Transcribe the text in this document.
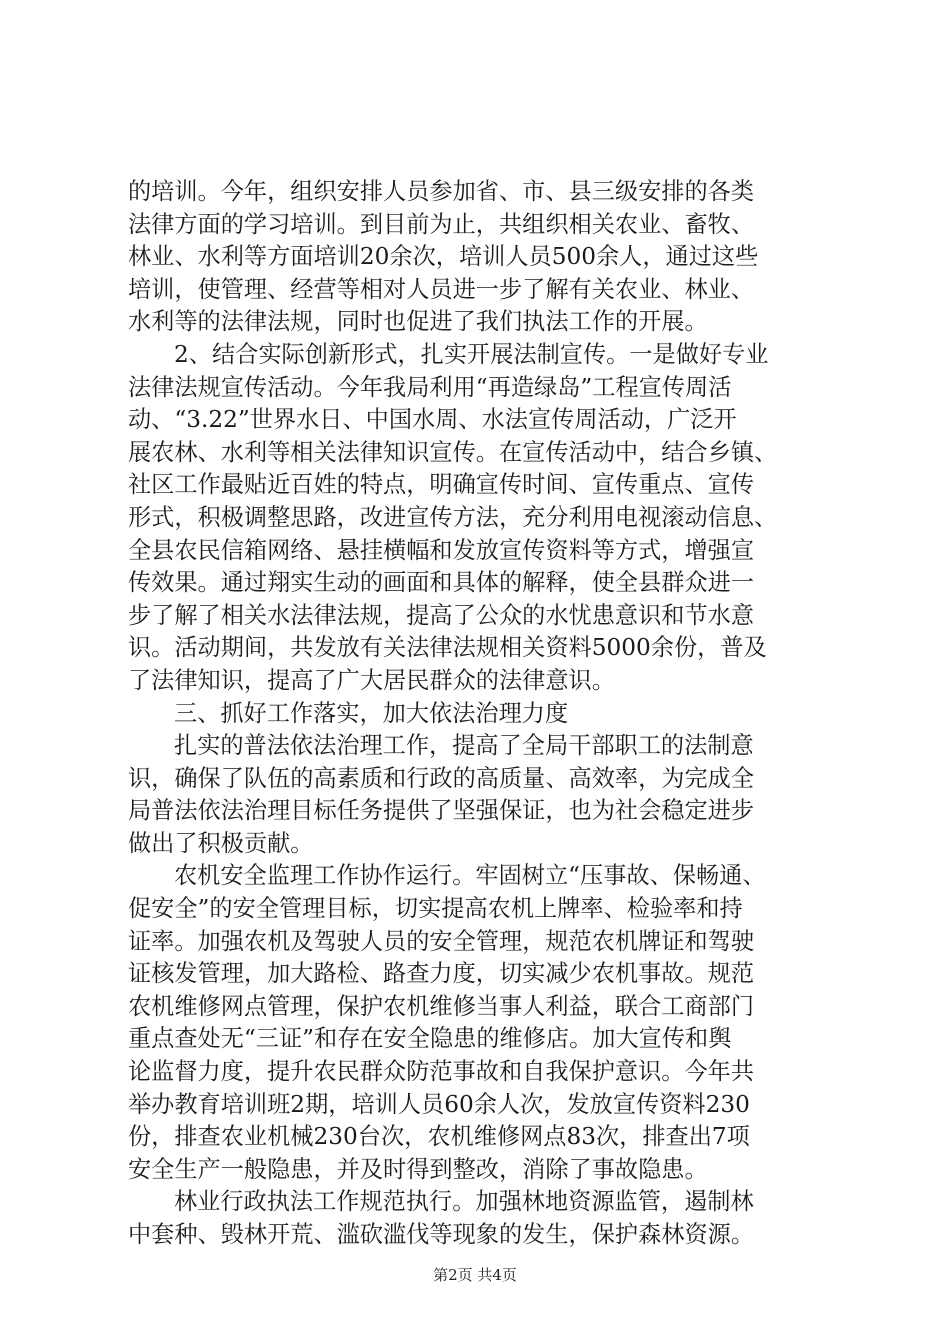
的培训。今年，组织安排人员参加省、市、县三级安排的各类
法律方面的学习培训。到目前为止，共组织相关农业、畜牧、
林业、水利等方面培训20余次，培训人员500余人，通过这些
培训，使管理、经营等相对人员进一步了解有关农业、林业、
水利等的法律法规，同时也促进了我们执法工作的开展。
2、结合实际创新形式，扎实开展法制宣传。一是做好专业
法律法规宣传活动。今年我局利用“再造绿岛”工程宣传周活
动、“3.22”世界水日、中国水周、水法宣传周活动，广泛开
展农林、水利等相关法律知识宣传。在宣传活动中，结合乡镇、
社区工作最贴近百姓的特点，明确宣传时间、宣传重点、宣传
形式，积极调整思路，改进宣传方法，充分利用电视滚动信息、
全县农民信箱网络、悬挂横幅和发放宣传资料等方式，增强宣
传效果。通过翔实生动的画面和具体的解释，使全县群众进一
步了解了相关水法律法规，提高了公众的水忧患意识和节水意
识。活动期间，共发放有关法律法规相关资料5000余份，普及
了法律知识，提高了广大居民群众的法律意识。
三、抓好工作落实，加大依法治理力度
扎实的普法依法治理工作，提高了全局干部职工的法制意
识，确保了队伍的高素质和行政的高质量、高效率，为完成全
局普法依法治理目标任务提供了坚强保证，也为社会稳定进步
做出了积极贡献。
农机安全监理工作协作运行。牢固树立“压事故、保畅通、
促安全”的安全管理目标，切实提高农机上牌率、检验率和持
证率。加强农机及驾驶人员的安全管理，规范农机牌证和驾驶
证核发管理，加大路检、路查力度，切实减少农机事故。规范
农机维修网点管理，保护农机维修当事人利益，联合工商部门
重点查处无“三证”和存在安全隐患的维修店。加大宣传和舆
论监督力度，提升农民群众防范事故和自我保护意识。今年共
举办教育培训班2期，培训人员60余人次，发放宣传资料230
份，排查农业机械230台次，农机维修网点83次，排查出7项
安全生产一般隐患，并及时得到整改，消除了事故隐患。
林业行政执法工作规范执行。加强林地资源监管，遏制林
中套种、毁林开荒、滥砍滥伐等现象的发生，保护森林资源。
第2页 共4页
